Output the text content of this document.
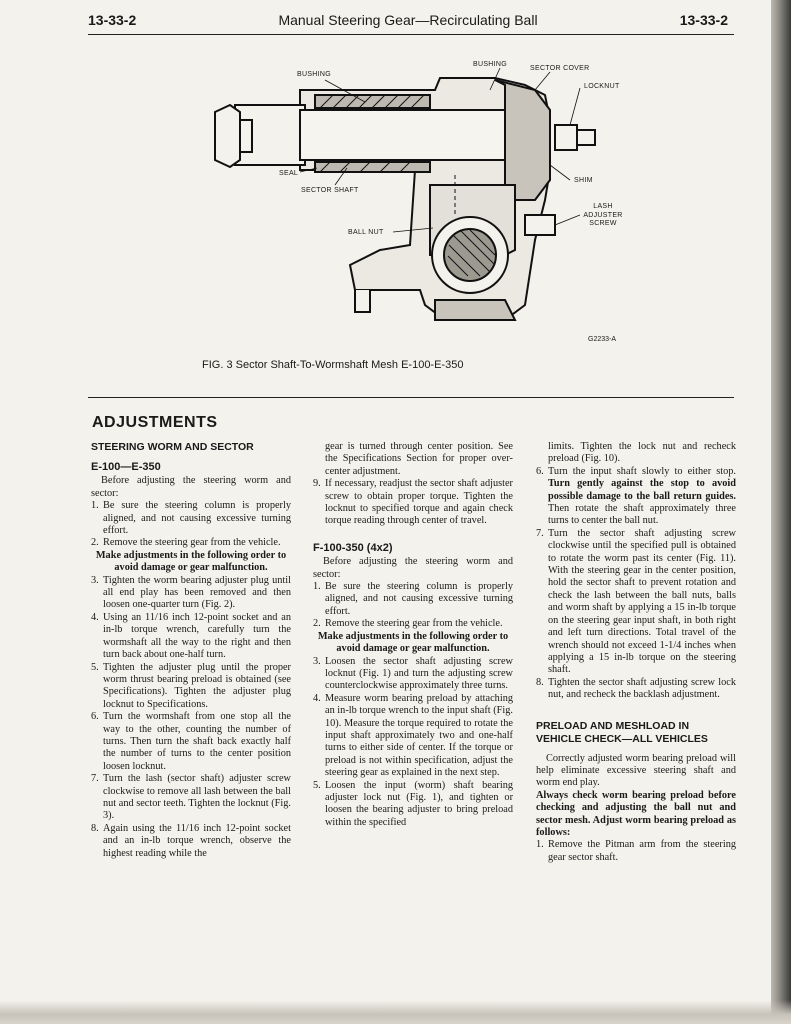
13-33-2	Manual Steering Gear—Recirculating Ball	13-33-2
BUSHING
BUSHING
SECTOR COVER
LOCKNUT
SEAL
SECTOR SHAFT
SHIM
LASH ADJUSTER SCREW
BALL NUT
G2233-A
FIG. 3 Sector Shaft-To-Wormshaft Mesh E-100-E-350
ADJUSTMENTS
STEERING WORM AND SECTOR
E-100—E-350

Before adjusting the steering worm and sector:

1. Be sure the steering column is properly aligned, and not causing excessive turning effort.
2. Remove the steering gear from the vehicle.
Make adjustments in the following order to avoid damage or gear malfunction.
3. Tighten the worm bearing adjuster plug until all end play has been removed and then loosen one-quarter turn (Fig. 2).
4. Using an 11/16 inch 12-point socket and an in-lb torque wrench, carefully turn the wormshaft all the way to the right and then turn back about one-half turn.
5. Tighten the adjuster plug until the proper worm thrust bearing preload is obtained (see Specifications). Tighten the adjuster plug locknut to Specifications.
6. Turn the wormshaft from one stop all the way to the other, counting the number of turns. Then turn the shaft back exactly half the number of turns to the center position loosen locknut.
7. Turn the lash (sector shaft) adjuster screw clockwise to remove all lash between the ball nut and sector teeth. Tighten the locknut (Fig. 3).
8. Again using the 11/16 inch 12-point socket and an in-lb torque wrench, observe the highest reading while the

gear is turned through center position. See the Specifications Section for proper over-center adjustment.

9. If necessary, readjust the sector shaft adjuster screw to obtain proper torque. Tighten the locknut to specified torque and again check torque reading through center of travel.
F-100-350 (4x2)

Before adjusting the steering worm and sector:

1. Be sure the steering column is properly aligned, and not causing excessive turning effort.
2. Remove the steering gear from the vehicle.
Make adjustments in the following order to avoid damage or gear malfunction.
3. Loosen the sector shaft adjusting screw locknut (Fig. 1) and turn the adjusting screw counterclockwise approximately three turns.
4. Measure worm bearing preload by attaching an in-lb torque wrench to the input shaft (Fig. 10). Measure the torque required to rotate the input shaft approximately two and one-half turns to either side of center. If the torque or preload is not within specification, adjust the steering gear as explained in the next step.
5. Loosen the input (worm) shaft bearing adjuster lock nut (Fig. 1), and tighten or loosen the bearing adjuster to bring preload within the specified

limits. Tighten the lock nut and recheck preload (Fig. 10).

6. Turn the input shaft slowly to either stop. Turn gently against the stop to avoid possible damage to the ball return guides. Then rotate the shaft approximately three turns to center the ball nut.
7. Turn the sector shaft adjusting screw clockwise until the specified pull is obtained to rotate the worm past its center (Fig. 11). With the steering gear in the center position, hold the sector shaft to prevent rotation and check the lash between the ball nuts, balls and worm shaft by applying a 15 in-lb torque on the steering gear input shaft, in both right and left turn directions. Total travel of the wrench should not exceed 1-1/4 inches when applying a 15 in-lb torque on the steering shaft.
8. Tighten the sector shaft adjusting screw lock nut, and recheck the backlash adjustment.
PRELOAD AND MESHLOAD IN VEHICLE CHECK—ALL VEHICLES

Correctly adjusted worm bearing preload will help eliminate excessive steering shaft and worm end play.

Always check worm bearing preload before checking and adjusting the ball nut and sector mesh. Adjust worm bearing preload as follows:

1. Remove the Pitman arm from the steering gear sector shaft.
